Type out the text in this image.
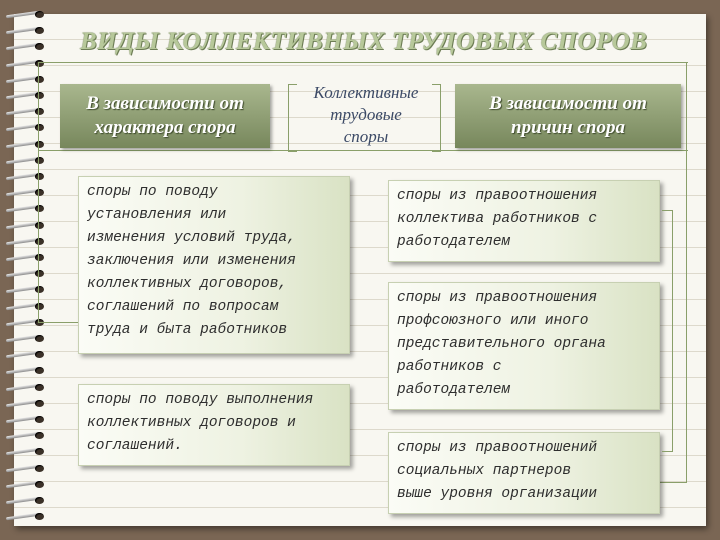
ВИДЫ КОЛЛЕКТИВНЫХ ТРУДОВЫХ СПОРОВ
В зависимости от
характера спора
Коллективные
трудовые
споры
В зависимости от
причин спора
споры по поводу
установления или
изменения условий труда,
заключения или изменения
коллективных договоров,
соглашений по вопросам
труда и быта работников
споры по поводу выполнения
коллективных договоров и
соглашений.
споры из правоотношения
коллектива работников с
работодателем
споры из правоотношения
профсоюзного или иного
представительного органа
работников с
работодателем
споры из правоотношений
социальных партнеров
выше уровня организации
